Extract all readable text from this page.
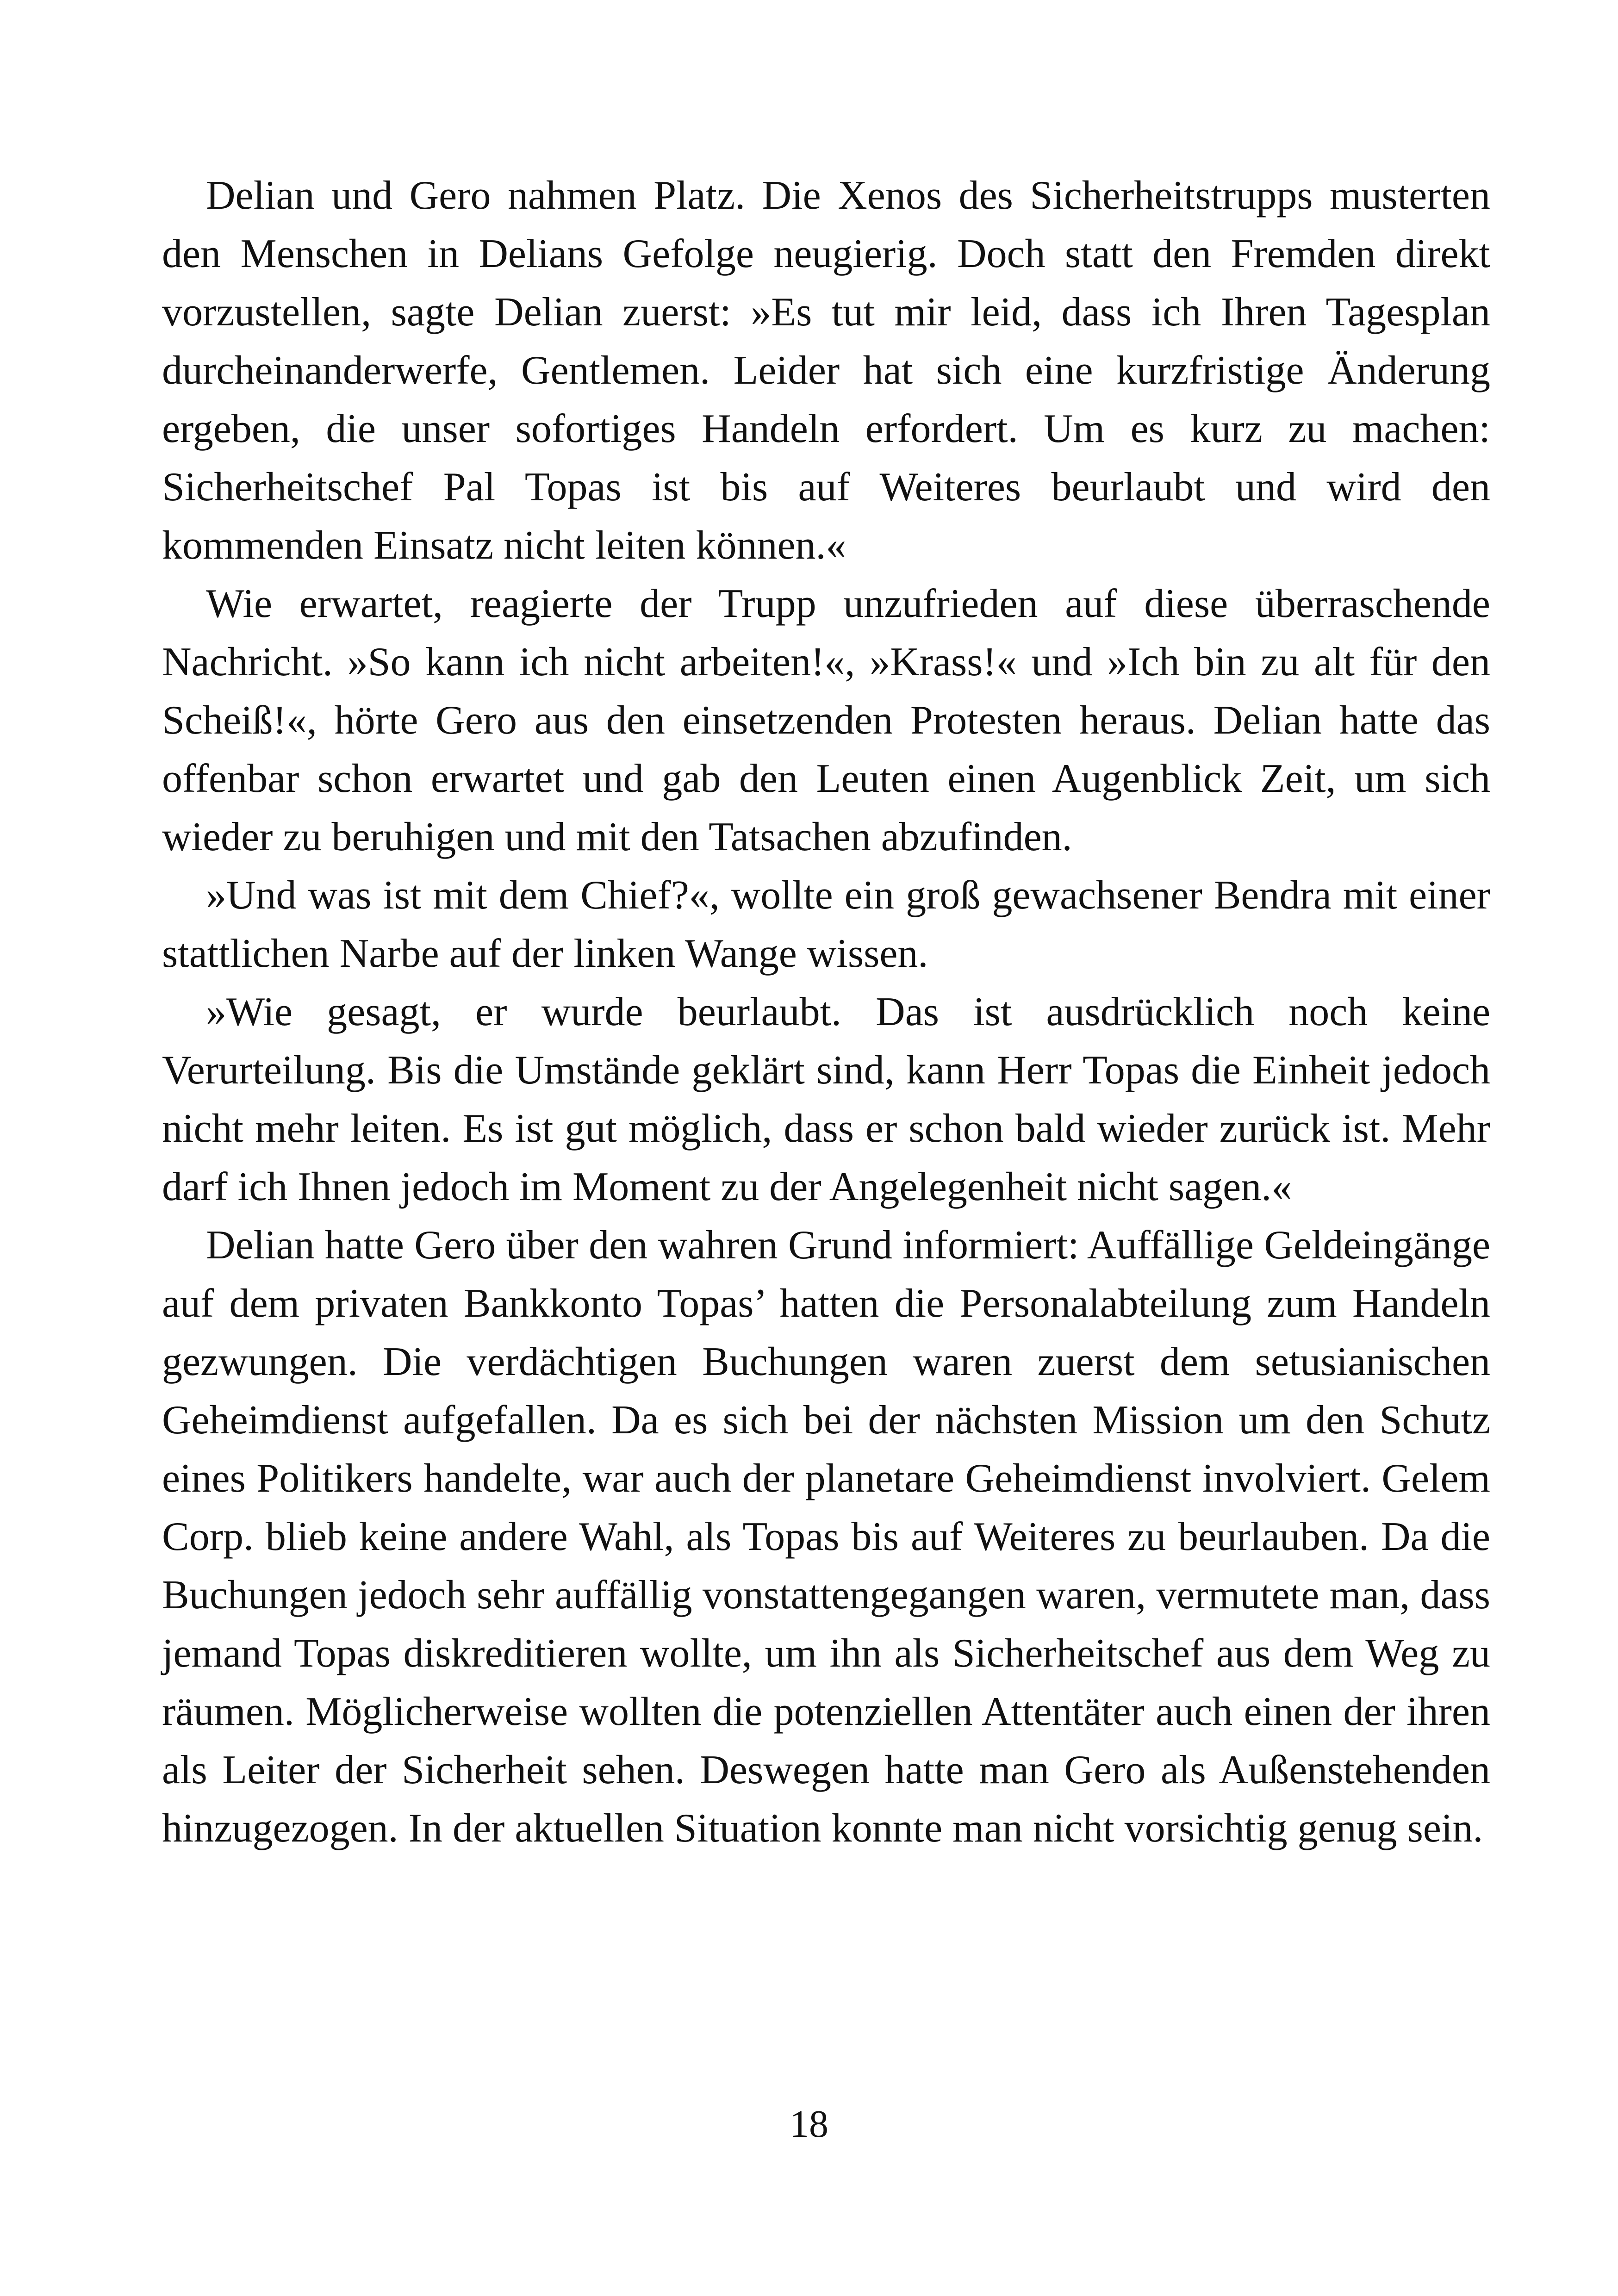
Delian und Gero nahmen Platz. Die Xenos des Sicherheitstrupps musterten den Menschen in Delians Gefolge neugierig. Doch statt den Fremden direkt vorzustellen, sagte Delian zuerst: »Es tut mir leid, dass ich Ihren Tagesplan durcheinanderwerfe, Gentlemen. Leider hat sich eine kurzfristige Änderung ergeben, die unser sofortiges Handeln erfordert. Um es kurz zu machen: Sicherheitschef Pal Topas ist bis auf Weiteres beurlaubt und wird den kommenden Einsatz nicht leiten können.«

Wie erwartet, reagierte der Trupp unzufrieden auf diese überraschende Nachricht. »So kann ich nicht arbeiten!«, »Krass!« und »Ich bin zu alt für den Scheiß!«, hörte Gero aus den einsetzenden Protesten heraus. Delian hatte das offenbar schon erwartet und gab den Leuten einen Augenblick Zeit, um sich wieder zu beruhigen und mit den Tatsachen abzufinden.

»Und was ist mit dem Chief?«, wollte ein groß gewachsener Bendra mit einer stattlichen Narbe auf der linken Wange wissen.

»Wie gesagt, er wurde beurlaubt. Das ist ausdrücklich noch keine Verurteilung. Bis die Umstände geklärt sind, kann Herr Topas die Einheit jedoch nicht mehr leiten. Es ist gut möglich, dass er schon bald wieder zurück ist. Mehr darf ich Ihnen jedoch im Moment zu der Angelegenheit nicht sagen.«

Delian hatte Gero über den wahren Grund informiert: Auffällige Geldeingänge auf dem privaten Bankkonto Topas’ hatten die Personalabteilung zum Handeln gezwungen. Die verdächtigen Buchungen waren zuerst dem setusianischen Geheimdienst aufgefallen. Da es sich bei der nächsten Mission um den Schutz eines Politikers handelte, war auch der planetare Geheimdienst involviert. Gelem Corp. blieb keine andere Wahl, als Topas bis auf Weiteres zu beurlauben. Da die Buchungen jedoch sehr auffällig vonstattengegangen waren, vermutete man, dass jemand Topas diskreditieren wollte, um ihn als Sicherheitschef aus dem Weg zu räumen. Möglicherweise wollten die potenziellen Attentäter auch einen der ihren als Leiter der Sicherheit sehen. Deswegen hatte man Gero als Außenstehenden hinzugezogen. In der aktuellen Situation konnte man nicht vorsichtig genug sein.

18
